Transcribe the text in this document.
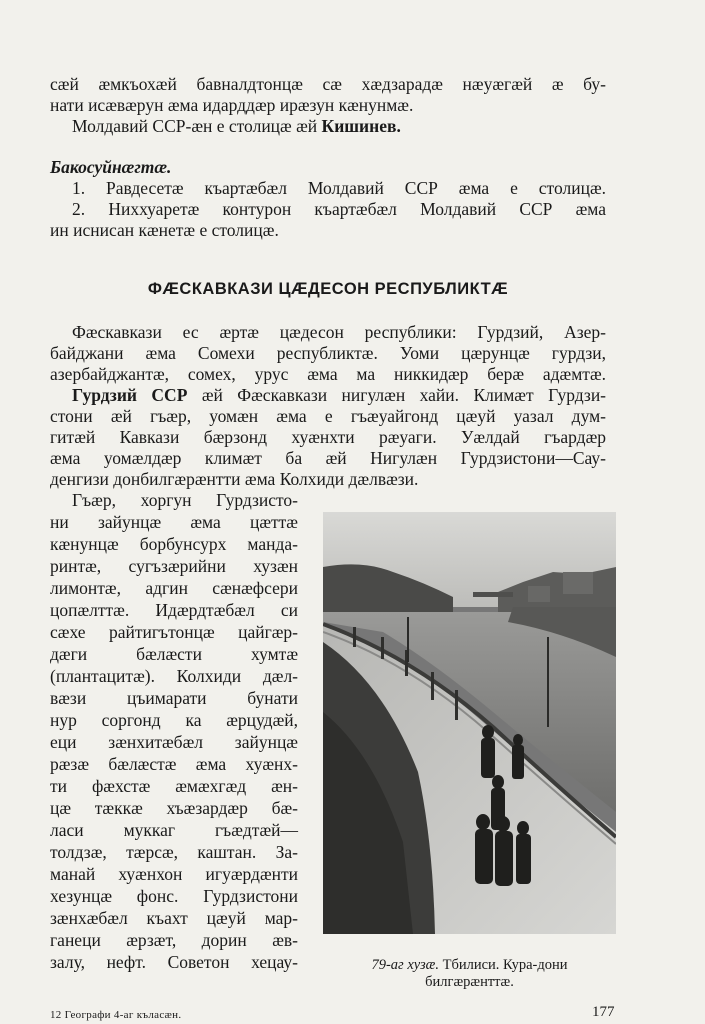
сæй æмкъохæй бавналдтонцæ сæ хæдзарадæ нæуæгæй æ бу-
нати исæвæрун æма идарддæр ирæзун кæнунмæ.
Молдавий ССР-æн е столицæ æй Кишинев.
Бакосуйнæгтæ.
1. Равдесетæ къартæбæл Молдавий ССР æма е столицæ.
2. Ниххуаретæ контурон къартæбæл Молдавий ССР æма
ин иснисан кæнетæ е столицæ.
ФÆСКАВКАЗИ ЦÆДЕСОН РЕСПУБЛИКТÆ
Фæскавкази ес æртæ цæдесон республики: Гурдзий, Азер-
байджани æма Сомехи республиктæ. Уоми цæрунцæ гурдзи,
азербайджантæ, сомех, урус æма ма никкидæр берæ адæмтæ.
Гурдзий ССР æй Фæскавкази нигулæн хайи. Климæт Гурдзи-
стони æй гъæр, уомæн æма е гъæуайгонд цæуй уазал дум-
гитæй Кавкази бæрзонд хуæнхти рæуаги. Уæлдай гъардæр
æма уомæлдæр климæт ба æй Нигулæн Гурдзистони—Сау-
денгизи донбилгæрæнтти æма Колхиди дæлвæзи.
Гъæр, хоргун Гурдзисто-
ни зайунцæ æма цæттæ
кæнунцæ борбунсурх манда-
ринтæ, сугъзæрийни хузæн
лимонтæ, адгин сæнæфсери
цопæлттæ. Идæрдтæбæл си
сæхе райтигътонцæ цайгæр-
дæги бæлæсти хумтæ
(плантацитæ). Колхиди дæл-
вæзи цъимарати бунати
нур соргонд ка æрцудæй,
еци зæнхитæбæл зайунцæ
рæзæ бæлæстæ æма хуæнх-
ти фæхстæ æмæхгæд æн-
цæ тæккæ хъæзардæр бæ-
ласи муккаг гъæдтæй—
толдзæ, тæрсæ, каштан. За-
манай хуæнхон игуæрдæнти
хезунцæ фонс. Гурдзистони
зæнхæбæл къахт цæуй мар-
ганеци æрзæт, дорин æв-
залу, нефт. Советон хецау-	79-аг хузæ. Тбилиси. Кура-дони
билгæрæнттæ.
12 Географи 4-аг къласæн.	177
